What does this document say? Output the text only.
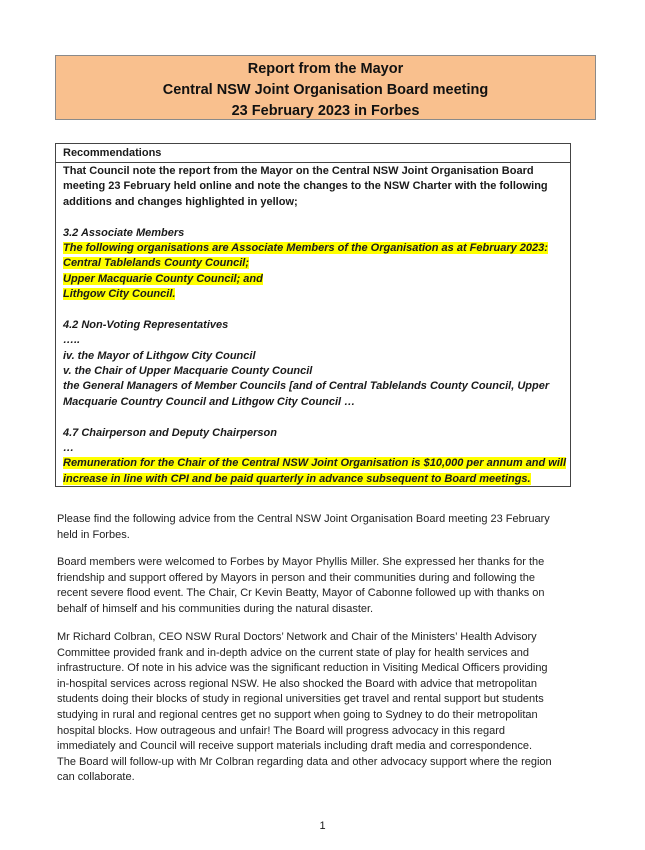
Report from the Mayor
Central NSW Joint Organisation Board meeting
23 February 2023 in Forbes
Recommendations
That Council note the report from the Mayor on the Central NSW Joint Organisation Board
meeting 23 February held online and note the changes to the NSW Charter with the following
additions and changes highlighted in yellow;
3.2 Associate Members
The following organisations are Associate Members of the Organisation as at February 2023:
Central Tablelands County Council;
Upper Macquarie County Council; and
Lithgow City Council.
4.2 Non-Voting Representatives
…..
iv. the Mayor of Lithgow City Council
v. the Chair of Upper Macquarie County Council
the General Managers of Member Councils [and of Central Tablelands County Council, Upper
Macquarie Country Council and Lithgow City Council …
4.7 Chairperson and Deputy Chairperson
…
Remuneration for the Chair of the Central NSW Joint Organisation is $10,000 per annum and will
increase in line with CPI and be paid quarterly in advance subsequent to Board meetings.
Please find the following advice from the Central NSW Joint Organisation Board meeting 23 February
held in Forbes.
Board members were welcomed to Forbes by Mayor Phyllis Miller. She expressed her thanks for the
friendship and support offered by Mayors in person and their communities during and following the
recent severe flood event. The Chair, Cr Kevin Beatty, Mayor of Cabonne followed up with thanks on
behalf of himself and his communities during the natural disaster.
Mr Richard Colbran, CEO NSW Rural Doctors’ Network and Chair of the Ministers’ Health Advisory
Committee provided frank and in-depth advice on the current state of play for health services and
infrastructure. Of note in his advice was the significant reduction in Visiting Medical Officers providing
in-hospital services across regional NSW. He also shocked the Board with advice that metropolitan
students doing their blocks of study in regional universities get travel and rental support but students
studying in rural and regional centres get no support when going to Sydney to do their metropolitan
hospital blocks. How outrageous and unfair! The Board will progress advocacy in this regard
immediately and Council will receive support materials including draft media and correspondence.
The Board will follow-up with Mr Colbran regarding data and other advocacy support where the region
can collaborate.
1
